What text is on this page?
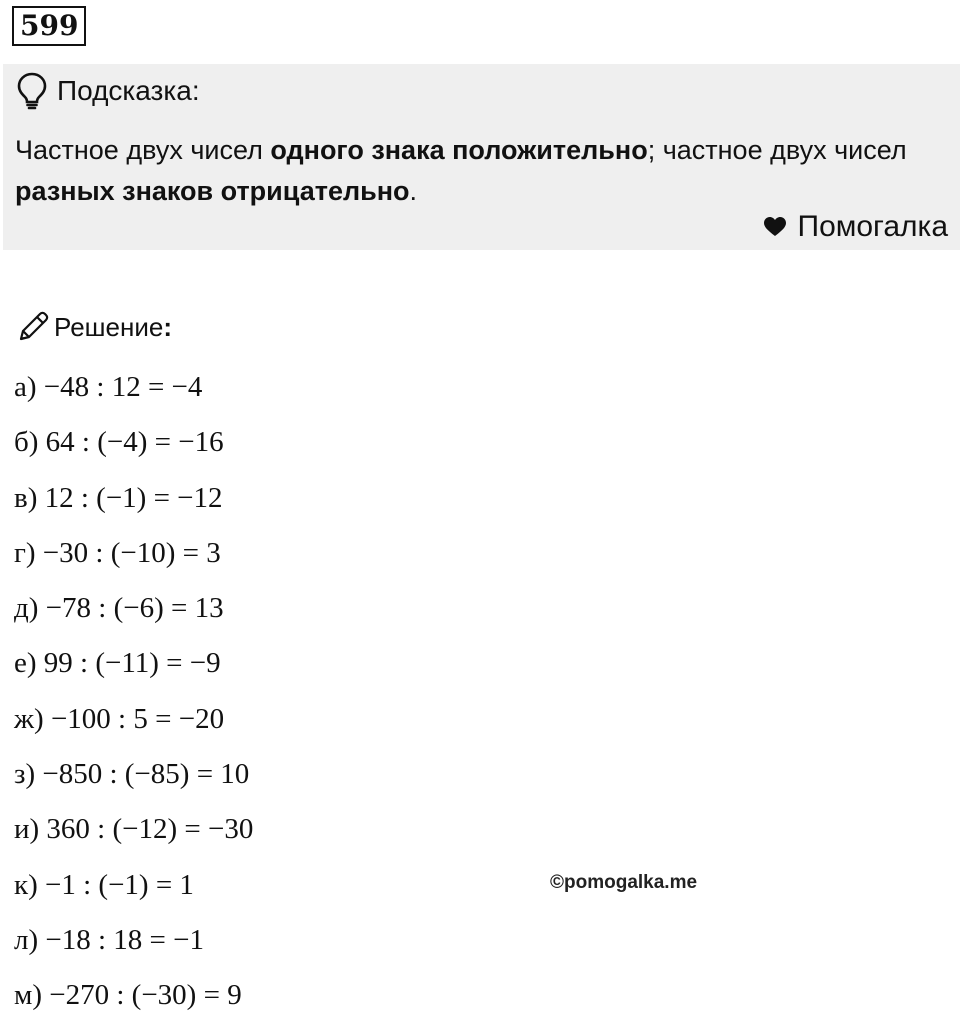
599
Подсказка:
Частное двух чисел одного знака положительно; частное двух чисел разных знаков отрицательно.
Помогалка
Решение :
а) −48 : 12 = −4
б) 64 : (−4) = −16
в) 12 : (−1) = −12
г) −30 : (−10) = 3
д) −78 : (−6) = 13
е) 99 : (−11) = −9
ж) −100 : 5 = −20
з) −850 : (−85) = 10
и) 360 : (−12) = −30
к) −1 : (−1) = 1
л) −18 : 18 = −1
м) −270 : (−30) = 9
©pomogalka.me
